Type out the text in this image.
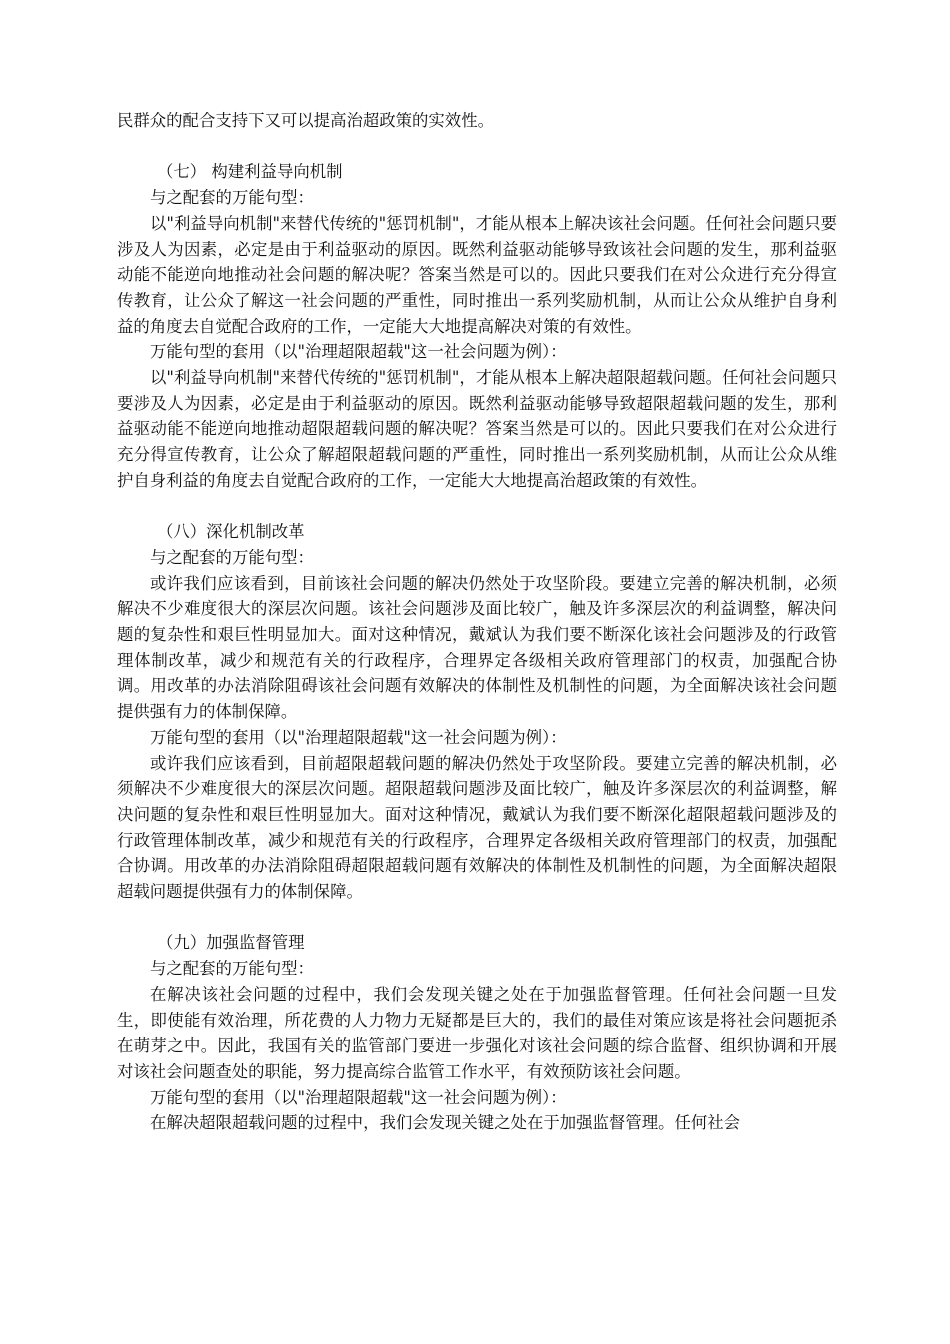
民群众的配合支持下又可以提高治超政策的实效性。

（七） 构建利益导向机制

与之配套的万能句型：

以"利益导向机制"来替代传统的"惩罚机制"，才能从根本上解决该社会问题。任何社会问题只要涉及人为因素，必定是由于利益驱动的原因。既然利益驱动能够导致该社会问题的发生，那利益驱动能不能逆向地推动社会问题的解决呢？答案当然是可以的。因此只要我们在对公众进行充分得宣传教育，让公众了解这一社会问题的严重性，同时推出一系列奖励机制，从而让公众从维护自身利益的角度去自觉配合政府的工作，一定能大大地提高解决对策的有效性。

万能句型的套用（以"治理超限超载"这一社会问题为例）：

以"利益导向机制"来替代传统的"惩罚机制"，才能从根本上解决超限超载问题。任何社会问题只要涉及人为因素，必定是由于利益驱动的原因。既然利益驱动能够导致超限超载问题的发生，那利益驱动能不能逆向地推动超限超载问题的解决呢？答案当然是可以的。因此只要我们在对公众进行充分得宣传教育，让公众了解超限超载问题的严重性，同时推出一系列奖励机制，从而让公众从维护自身利益的角度去自觉配合政府的工作，一定能大大地提高治超政策的有效性。

（八）深化机制改革

与之配套的万能句型：

或许我们应该看到，目前该社会问题的解决仍然处于攻坚阶段。要建立完善的解决机制，必须解决不少难度很大的深层次问题。该社会问题涉及面比较广，触及许多深层次的利益调整，解决问题的复杂性和艰巨性明显加大。面对这种情况，戴斌认为我们要不断深化该社会问题涉及的行政管理体制改革，减少和规范有关的行政程序，合理界定各级相关政府管理部门的权责，加强配合协调。用改革的办法消除阻碍该社会问题有效解决的体制性及机制性的问题，为全面解决该社会问题提供强有力的体制保障。

万能句型的套用（以"治理超限超载"这一社会问题为例）：

或许我们应该看到，目前超限超载问题的解决仍然处于攻坚阶段。要建立完善的解决机制，必须解决不少难度很大的深层次问题。超限超载问题涉及面比较广，触及许多深层次的利益调整，解决问题的复杂性和艰巨性明显加大。面对这种情况，戴斌认为我们要不断深化超限超载问题涉及的行政管理体制改革，减少和规范有关的行政程序，合理界定各级相关政府管理部门的权责，加强配合协调。用改革的办法消除阻碍超限超载问题有效解决的体制性及机制性的问题，为全面解决超限超载问题提供强有力的体制保障。

（九）加强监督管理

与之配套的万能句型：

在解决该社会问题的过程中，我们会发现关键之处在于加强监督管理。任何社会问题一旦发生，即使能有效治理，所花费的人力物力无疑都是巨大的，我们的最佳对策应该是将社会问题扼杀在萌芽之中。因此，我国有关的监管部门要进一步强化对该社会问题的综合监督、组织协调和开展对该社会问题查处的职能，努力提高综合监管工作水平，有效预防该社会问题。

万能句型的套用（以"治理超限超载"这一社会问题为例）：

在解决超限超载问题的过程中，我们会发现关键之处在于加强监督管理。任何社会
